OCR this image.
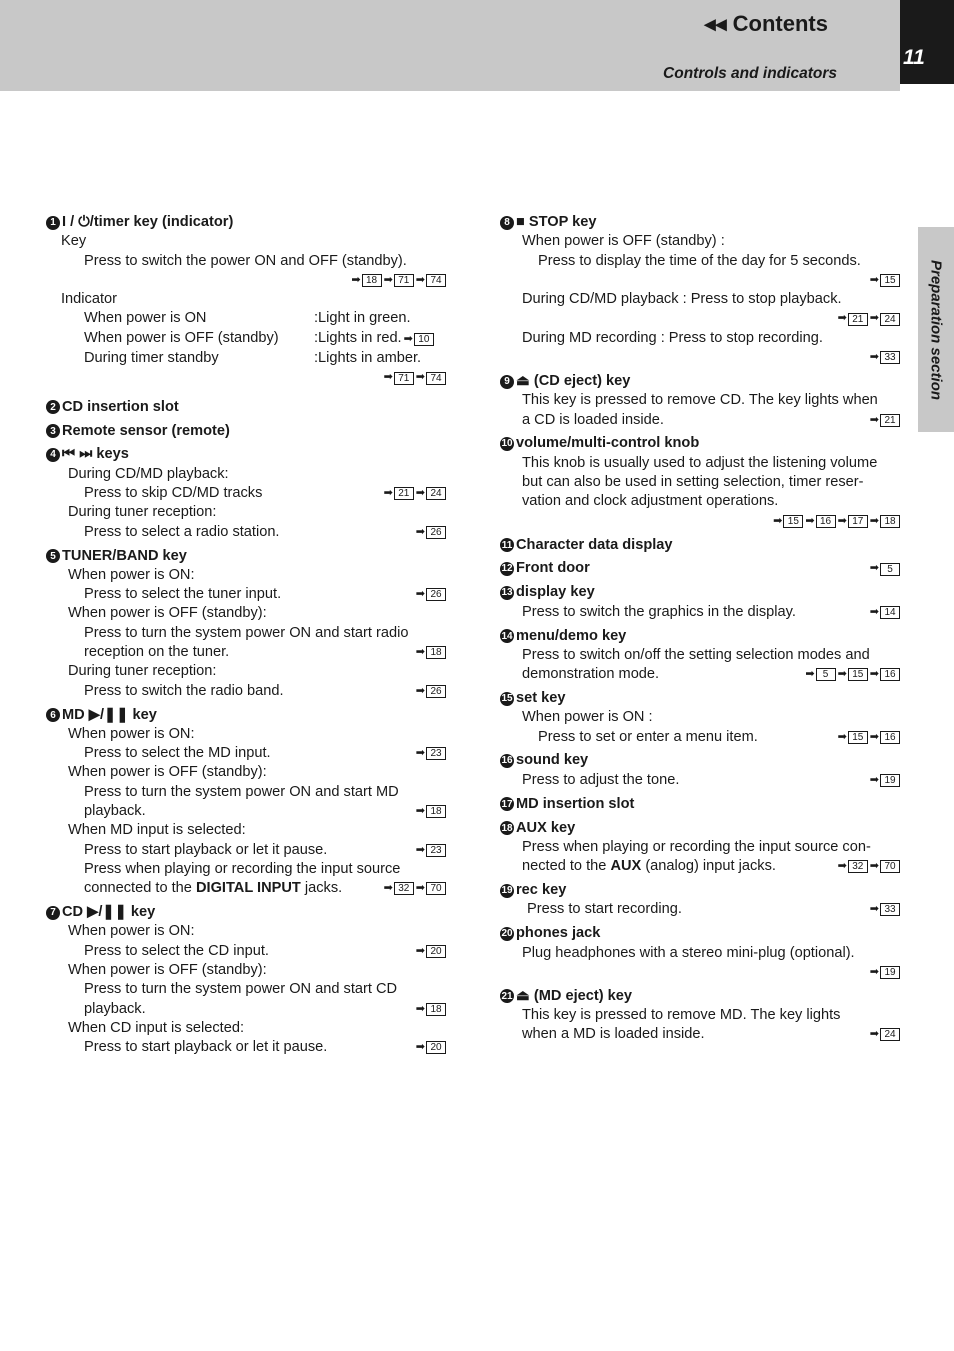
◂◂ Contents
Controls and indicators
11
Preparation section
1 I / ⏻/timer key (indicator)
Key
Press to switch the power ON and OFF (standby).
➡ 18 ➡ 71 ➡ 74
Indicator
When power is ON	:Light in green.
When power is OFF (standby) :Lights in red. ➡ 10
During timer standby	:Lights in amber.
➡ 71 ➡ 74
2 CD insertion slot
3 Remote sensor (remote)
4 ⏮ ⏭ keys
During CD/MD playback:
Press to skip CD/MD tracks	➡ 21 ➡ 24
During tuner reception:
Press to select a radio station.	➡ 26
5 TUNER/BAND key
When power is ON:
Press to select the tuner input.	➡ 26
When power is OFF (standby):
Press to turn the system power ON and start radio
reception on the tuner.	➡ 18
During tuner reception:
Press to switch the radio band.	➡ 26
6 MD ▶/❚❚ key
When power is ON:
Press to select the MD input.	➡ 23
When power is OFF (standby):
Press to turn the system power ON and start MD
playback.	➡ 18
When MD input is selected:
Press to start playback or let it pause.	➡ 23
Press when playing or recording the input source
connected to the DIGITAL INPUT jacks.	➡ 32 ➡ 70
7 CD ▶/❚❚ key
When power is ON:
Press to select the CD input.	➡ 20
When power is OFF (standby):
Press to turn the system power ON and start CD
playback.	➡ 18
When CD input is selected:
Press to start playback or let it pause.	➡ 20
8 ■ STOP key
When power is OFF (standby) :
Press to display the time of the day for 5 seconds.
➡ 15
During CD/MD playback : Press to stop playback.
➡ 21 ➡ 24
During MD recording : Press to stop recording.
➡ 33
9 ⏏ (CD eject) key
This key is pressed to remove CD. The key lights when
a CD is loaded inside.	➡ 21
10 volume/multi-control knob
This knob is usually used to adjust the listening volume
but can also be used in setting selection, timer reser-
vation and clock adjustment operations.
➡ 15 ➡ 16 ➡ 17 ➡ 18
11 Character data display
12 Front door	➡ 5
13 display key
Press to switch the graphics in the display.	➡ 14
14 menu/demo key
Press to switch on/off the setting selection modes and
demonstration mode.	➡ 5 ➡ 15 ➡ 16
15 set key
When power is ON :
Press to set or enter a menu item.	➡ 15 ➡ 16
16 sound key
Press to adjust the tone.	➡ 19
17 MD insertion slot
18 AUX key
Press when playing or recording the input source con-
nected to the AUX (analog) input jacks.	➡ 32 ➡ 70
19 rec key
Press to start recording.	➡ 33
20 phones jack
Plug headphones with a stereo mini-plug (optional).
➡ 19
21 ⏏ (MD eject) key
This key is pressed to remove MD. The key lights
when a MD is loaded inside.	➡ 24
